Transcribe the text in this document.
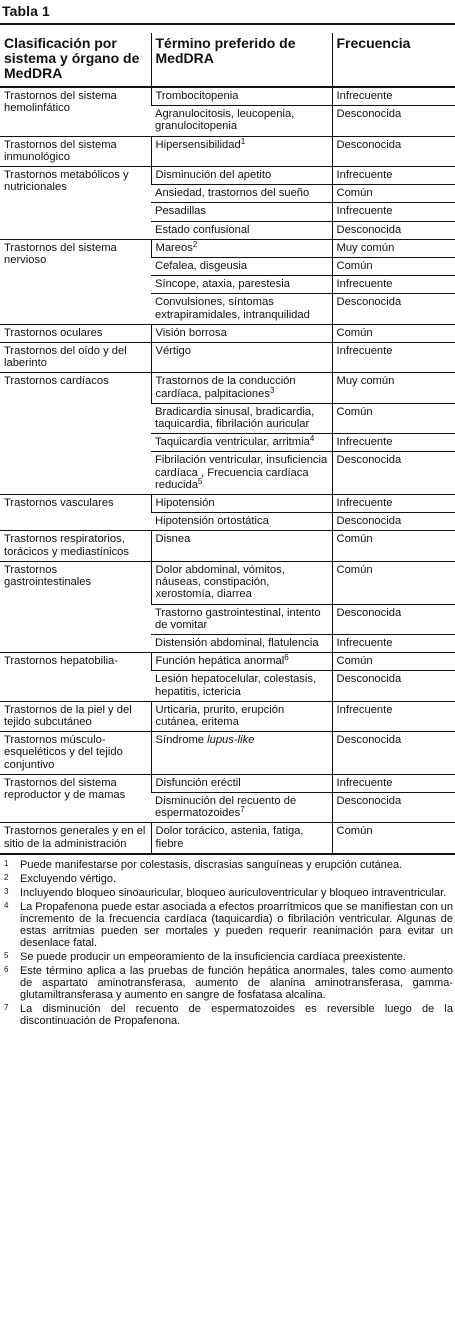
Tabla 1
Clasificación por sistema y órgano de MedDRA	Término preferido de MedDRA	Frecuencia
Trastornos del sistema hemolinfático	Trombocitopenia	Infrecuente
	Agranulocitosis, leucopenia, granulocitopenia	Desconocida
Trastornos del sistema inmunológico	Hipersensibilidad$^1$	Desconocida
Trastornos metabólicos y nutricionales	Disminución del apetito	Infrecuente
	Ansiedad, trastornos del sueño	Común
	Pesadillas	Infrecuente
	Estado confusional	Desconocida
Trastornos del sistema nervioso	Mareos$^2$	Muy común
	Cefalea, disgeusia	Común
	Síncope, ataxia, parestesia	Infrecuente
	Convulsiones, síntomas extrapiramidales, intranquilidad	Desconocida
Trastornos oculares	Visión borrosa	Común
Trastornos del oído y del laberinto	Vértigo	Infrecuente
Trastornos cardíacos	Trastornos de la conducción cardíaca, palpitaciones$^3$	Muy común
	Bradicardia sinusal, bradicardia, taquicardia, fibrilación auricular	Común
	Taquicardia ventricular, arritmia$^4$	Infrecuente
	Fibrilación ventricular, insuficiencia cardíaca , Frecuencia cardíaca reducida$^5$	Desconocida
Trastornos vasculares	Hipotensión	Infrecuente
	Hipotensión ortostática	Desconocida
Trastornos respiratorios, torácicos y mediastínicos	Disnea	Común
Trastornos gastrointestinales	Dolor abdominal, vómitos, náuseas, constipación, xerostomía, diarrea	Común
	Trastorno gastrointestinal, intento de vomitar	Desconocida
	Distensión abdominal, flatulencia	Infrecuente
Trastornos hepatobilia-	Función hepática anormal$^6$	Común
	Lesión hepatocelular, colestasis, hepatitis, ictericia	Desconocida
Trastornos de la piel y del tejido subcutáneo	Urticaria, prurito, erupción cutánea, eritema	Infrecuente
Trastornos músculo-esqueléticos y del tejido conjuntivo	Síndrome lupus-like	Desconocida
Trastornos del sistema reproductor y de mamas	Disfunción eréctil	Infrecuente
	Disminución del recuento de espermatozoides$^7$	Desconocida
Trastornos generales y en el sitio de la administración	Dolor torácico, astenia, fatiga, fiebre	Común
1	Puede manifestarse por colestasis, discrasias sanguíneas y erupción cutánea.
2	Excluyendo vértigo.
3	Incluyendo bloqueo sinoauricular, bloqueo auriculoventricular y bloqueo intraventricular.
4	La Propafenona puede estar asociada a efectos proarrítmicos que se manifiestan con un incremento de la frecuencia cardíaca (taquicardia) o fibrilación ventricular. Algunas de estas arritmias pueden ser mortales y pueden requerir reanimación para evitar un desenlace fatal.
5	Se puede producir un empeoramiento de la insuficiencia cardíaca preexistente.
6	Este término aplica a las pruebas de función hepática anormales, tales como aumento de aspartato aminotransferasa, aumento de alanina aminotransferasa, gamma-glutamiltransferasa y aumento en sangre de fosfatasa alcalina.
7	La disminución del recuento de espermatozoides es reversible luego de la discontinuación de Propafenona.
